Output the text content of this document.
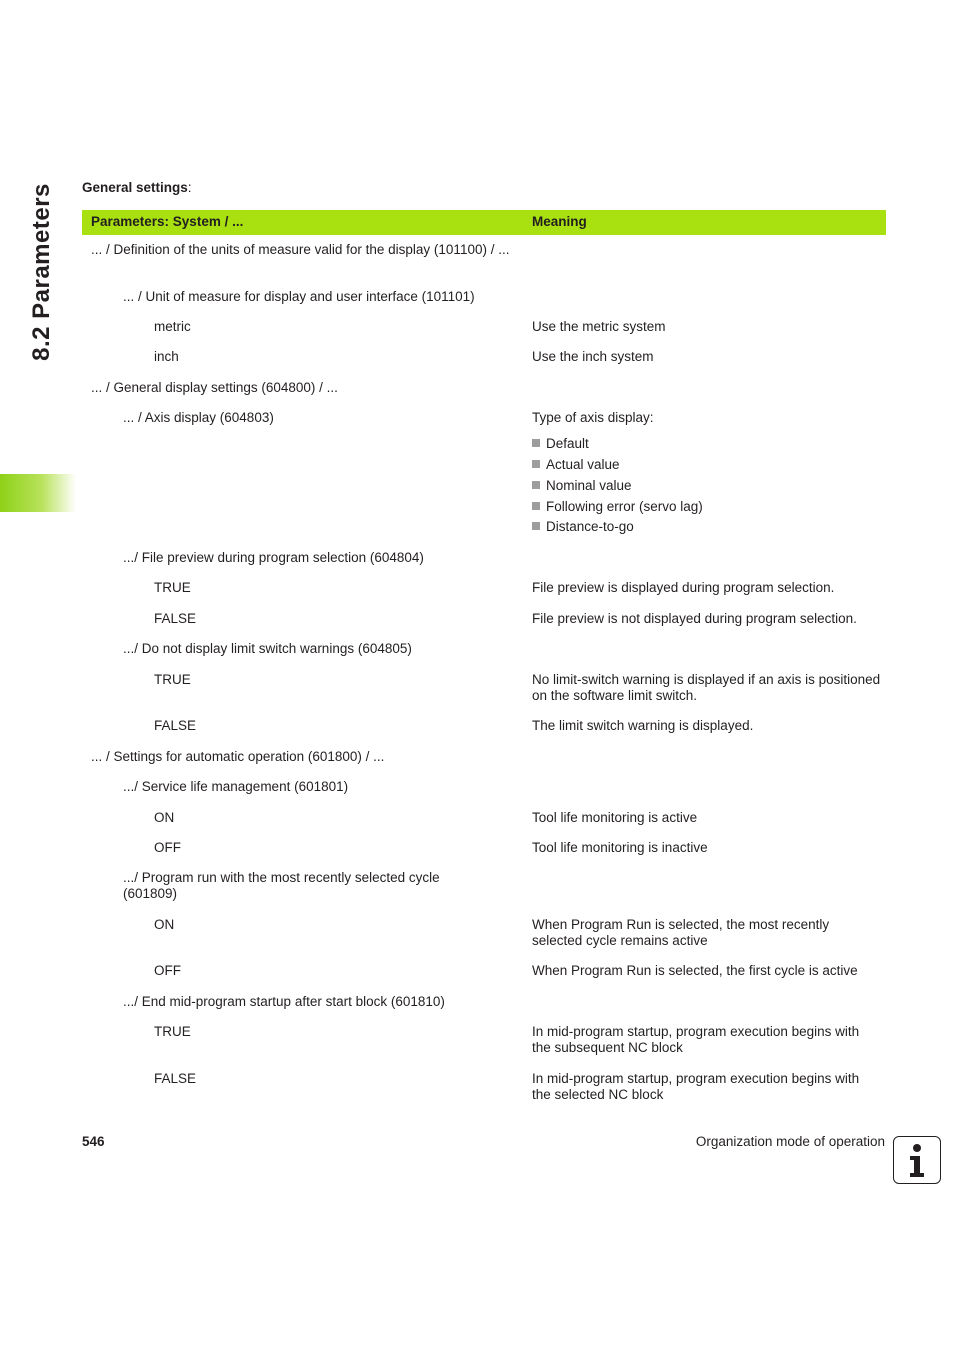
8.2 Parameters General settings:
Parameters: System / ...	Meaning
... / Definition of the units of measure valid for the display (101100) / ...
... / Unit of measure for display and user interface (101101)
metric	Use the metric system
inch	Use the inch system
... / General display settings (604800) / ...
... / Axis display (604803)	Type of axis display:
Default
Actual value
Nominal value
Following error (servo lag)
Distance-to-go
.../ File preview during program selection (604804)
TRUE	File preview is displayed during program selection.
FALSE	File preview is not displayed during program selection.
.../ Do not display limit switch warnings (604805)
TRUE	No limit-switch warning is displayed if an axis is positioned on the software limit switch.
FALSE	The limit switch warning is displayed.
... / Settings for automatic operation (601800) / ...
.../ Service life management (601801)
ON	Tool life monitoring is active
OFF	Tool life monitoring is inactive
.../ Program run with the most recently selected cycle (601809)
ON	When Program Run is selected, the most recently selected cycle remains active
OFF	When Program Run is selected, the first cycle is active
.../ End mid-program startup after start block (601810)
TRUE	In mid-program startup, program execution begins with the subsequent NC block
FALSE	In mid-program startup, program execution begins with the selected NC block
546	Organization mode of operation
